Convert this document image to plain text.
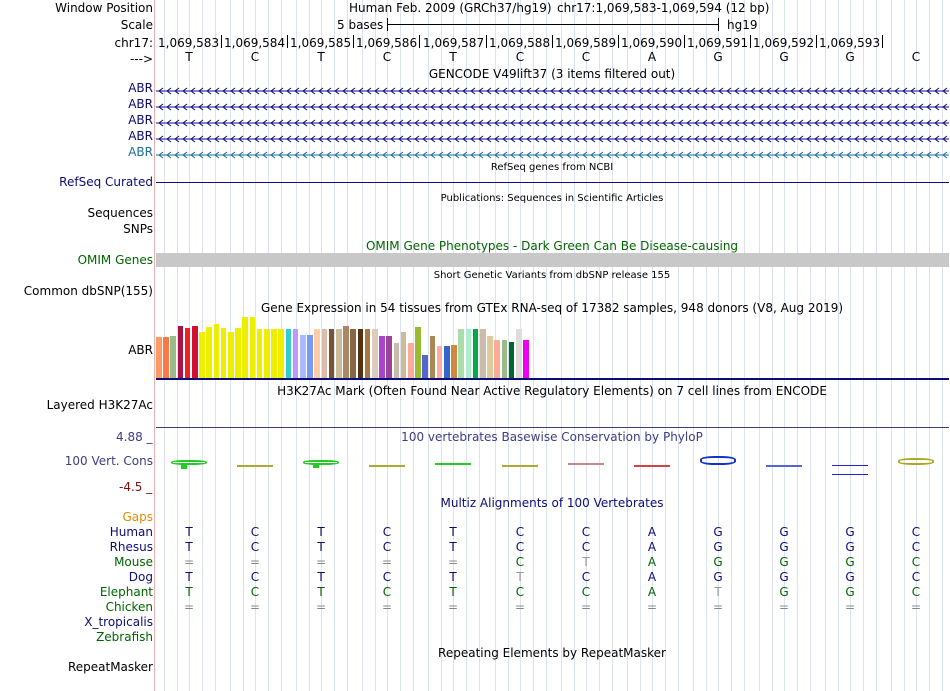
Window Position
Scale
chr17:
--->
Human Feb. 2009 (GRCh37/hg19) chr17:1,069,583-1,069,594 (12 bp)
5 bases	hg19
1,069,583 1,069,584 1,069,585 1,069,586 1,069,587 1,069,588 1,069,589 1,069,590 1,069,591 1,069,592 1,069,593
T	C	T	C	T	C	C	A	G	G	G	C
GENCODE V49lift37 (3 items filtered out)
ABR
ABR
ABR
ABR
ABR
RefSeq genes from NCBI
RefSeq Curated
Publications: Sequences in Scientific Articles
Sequences
SNPs
OMIM Gene Phenotypes - Dark Green Can Be Disease-causing
OMIM Genes
Short Genetic Variants from dbSNP release 155
Common dbSNP(155)
Gene Expression in 54 tissues from GTEx RNA-seq of 17382 samples, 948 donors (V8, Aug 2019)
ABR
H3K27Ac Mark (Often Found Near Active Regulatory Elements) on 7 cell lines from ENCODE
Layered H3K27Ac
100 vertebrates Basewise Conservation by PhyloP
4.88 _
100 Vert. Cons
-4.5 _
Multiz Alignments of 100 Vertebrates
Gaps
Human	T	C	T	C	T	C	C	A	G	G	G	C
Rhesus	T	C	T	C	T	C	C	A	G	G	G	C
Mouse	=	=	=	=	=	C	T	A	G	G	G	C
Dog	T	C	T	C	T	T	C	A	G	G	G	C
Elephant	T	C	T	C	T	C	C	A	T	G	G	C
Chicken	=	=	=	=	=	=	=	=	=	=	=	=
X_tropicalis
Zebrafish
Repeating Elements by RepeatMasker
RepeatMasker
